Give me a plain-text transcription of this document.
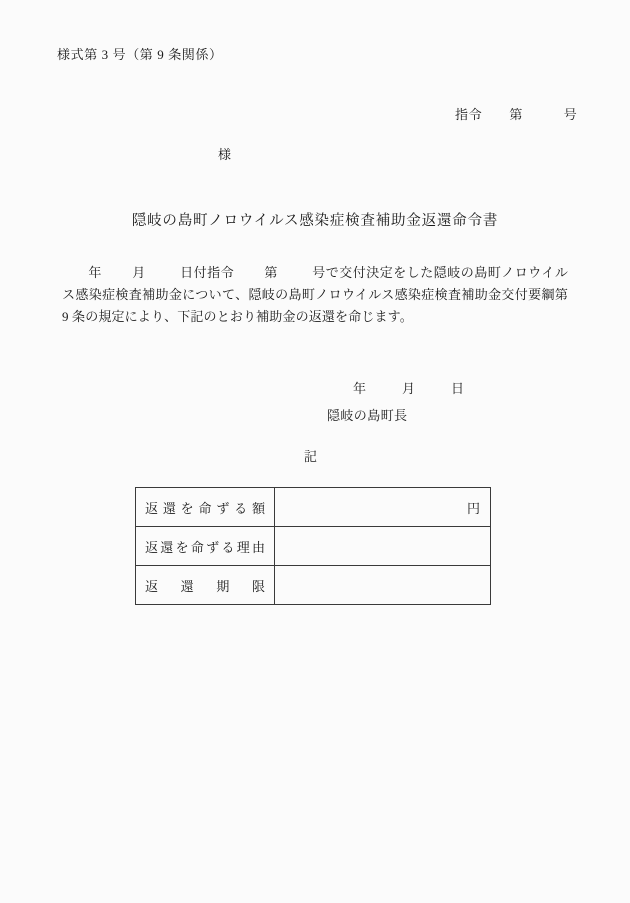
様式第 3 号（第 9 条関係）
指令　　第　　　号
様
隠岐の島町ノロウイルス感染症検査補助金返還命令書
年 月	日付指令 第	号で交付決定をした隠岐の島町ノロウイルス感染症検査補助金について、隠岐の島町ノロウイルス感染症検査補助金交付要綱第 9 条の規定により、下記のとおり補助金の返還を命じます。

年	月	日

隠岐の島町長
記
返還を命ずる額	円

返還を命ずる理由	

返還期限	
